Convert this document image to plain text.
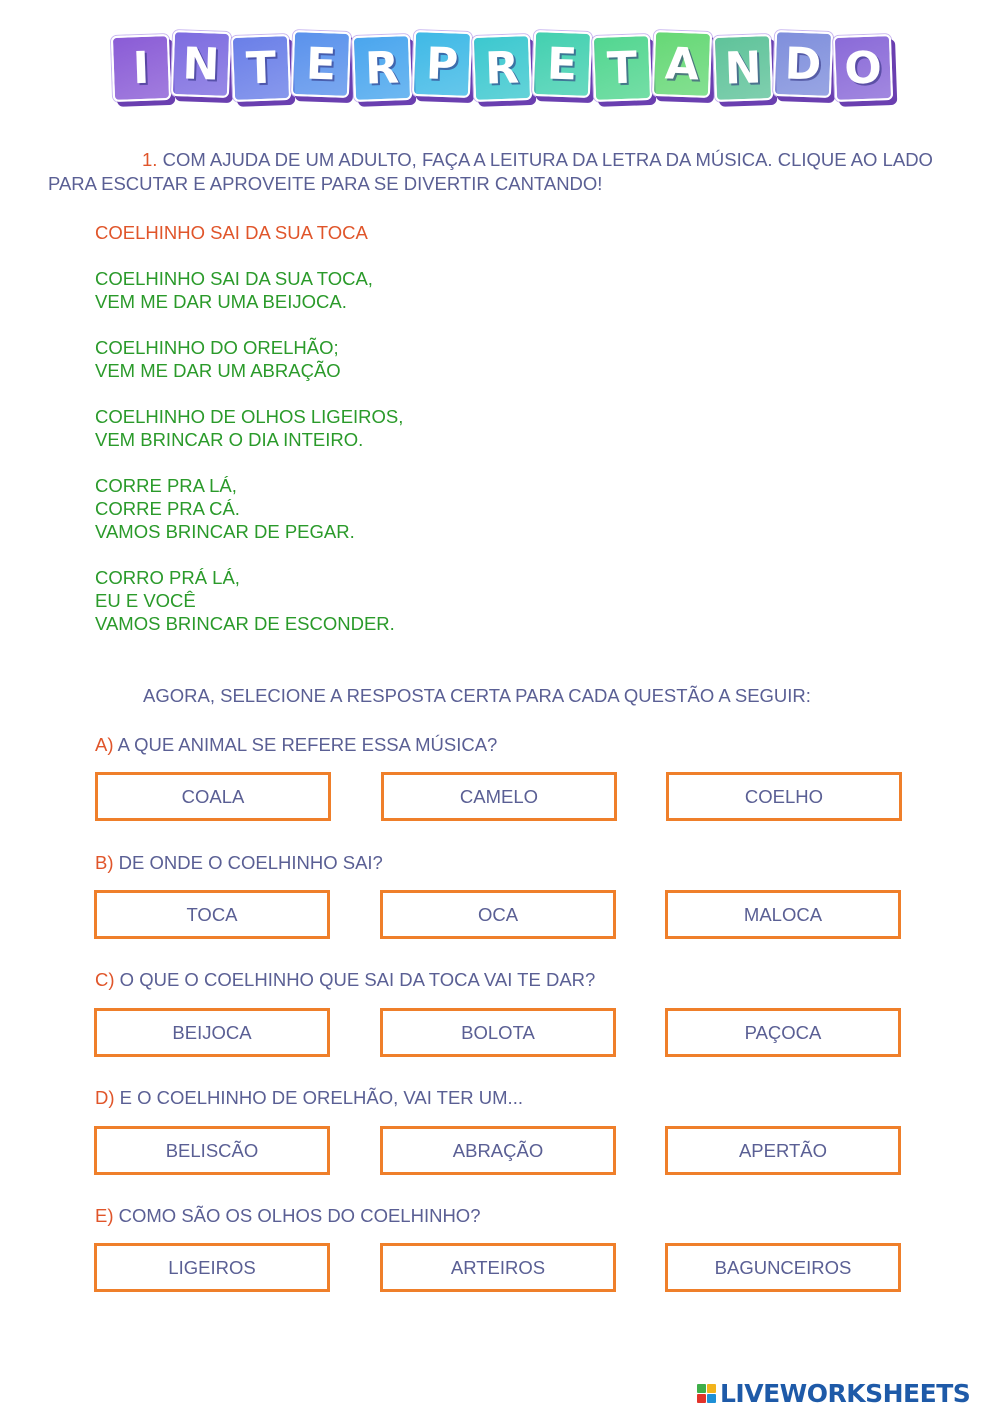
I N T E R P R E T A N D O
1. COM AJUDA DE UM ADULTO, FAÇA A LEITURA DA LETRA DA MÚSICA. CLIQUE AO LADO PARA ESCUTAR E APROVEITE PARA SE DIVERTIR CANTANDO!
COELHINHO SAI DA SUA TOCA
COELHINHO SAI DA SUA TOCA,
VEM ME DAR UMA BEIJOCA.
COELHINHO DO ORELHÃO;
VEM ME DAR UM ABRAÇÃO
COELHINHO DE OLHOS LIGEIROS,
VEM BRINCAR O DIA INTEIRO.
CORRE PRA LÁ,
CORRE PRA CÁ.
VAMOS BRINCAR DE PEGAR.
CORRO PRÁ LÁ,
EU E VOCÊ
VAMOS BRINCAR DE ESCONDER.
AGORA, SELECIONE A RESPOSTA CERTA PARA CADA QUESTÃO A SEGUIR:
A) A QUE ANIMAL SE REFERE ESSA MÚSICA?
COALA	CAMELO	COELHO
B) DE ONDE O COELHINHO SAI?
TOCA	OCA	MALOCA
C) O QUE O COELHINHO QUE SAI DA TOCA VAI TE DAR?
BEIJOCA	BOLOTA	PAÇOCA
D) E O COELHINHO DE ORELHÃO, VAI TER UM...
BELISCÃO	ABRAÇÃO	APERTÃO
E) COMO SÃO OS OLHOS DO COELHINHO?
LIGEIROS	ARTEIROS	BAGUNCEIROS
LIVEWORKSHEETS
